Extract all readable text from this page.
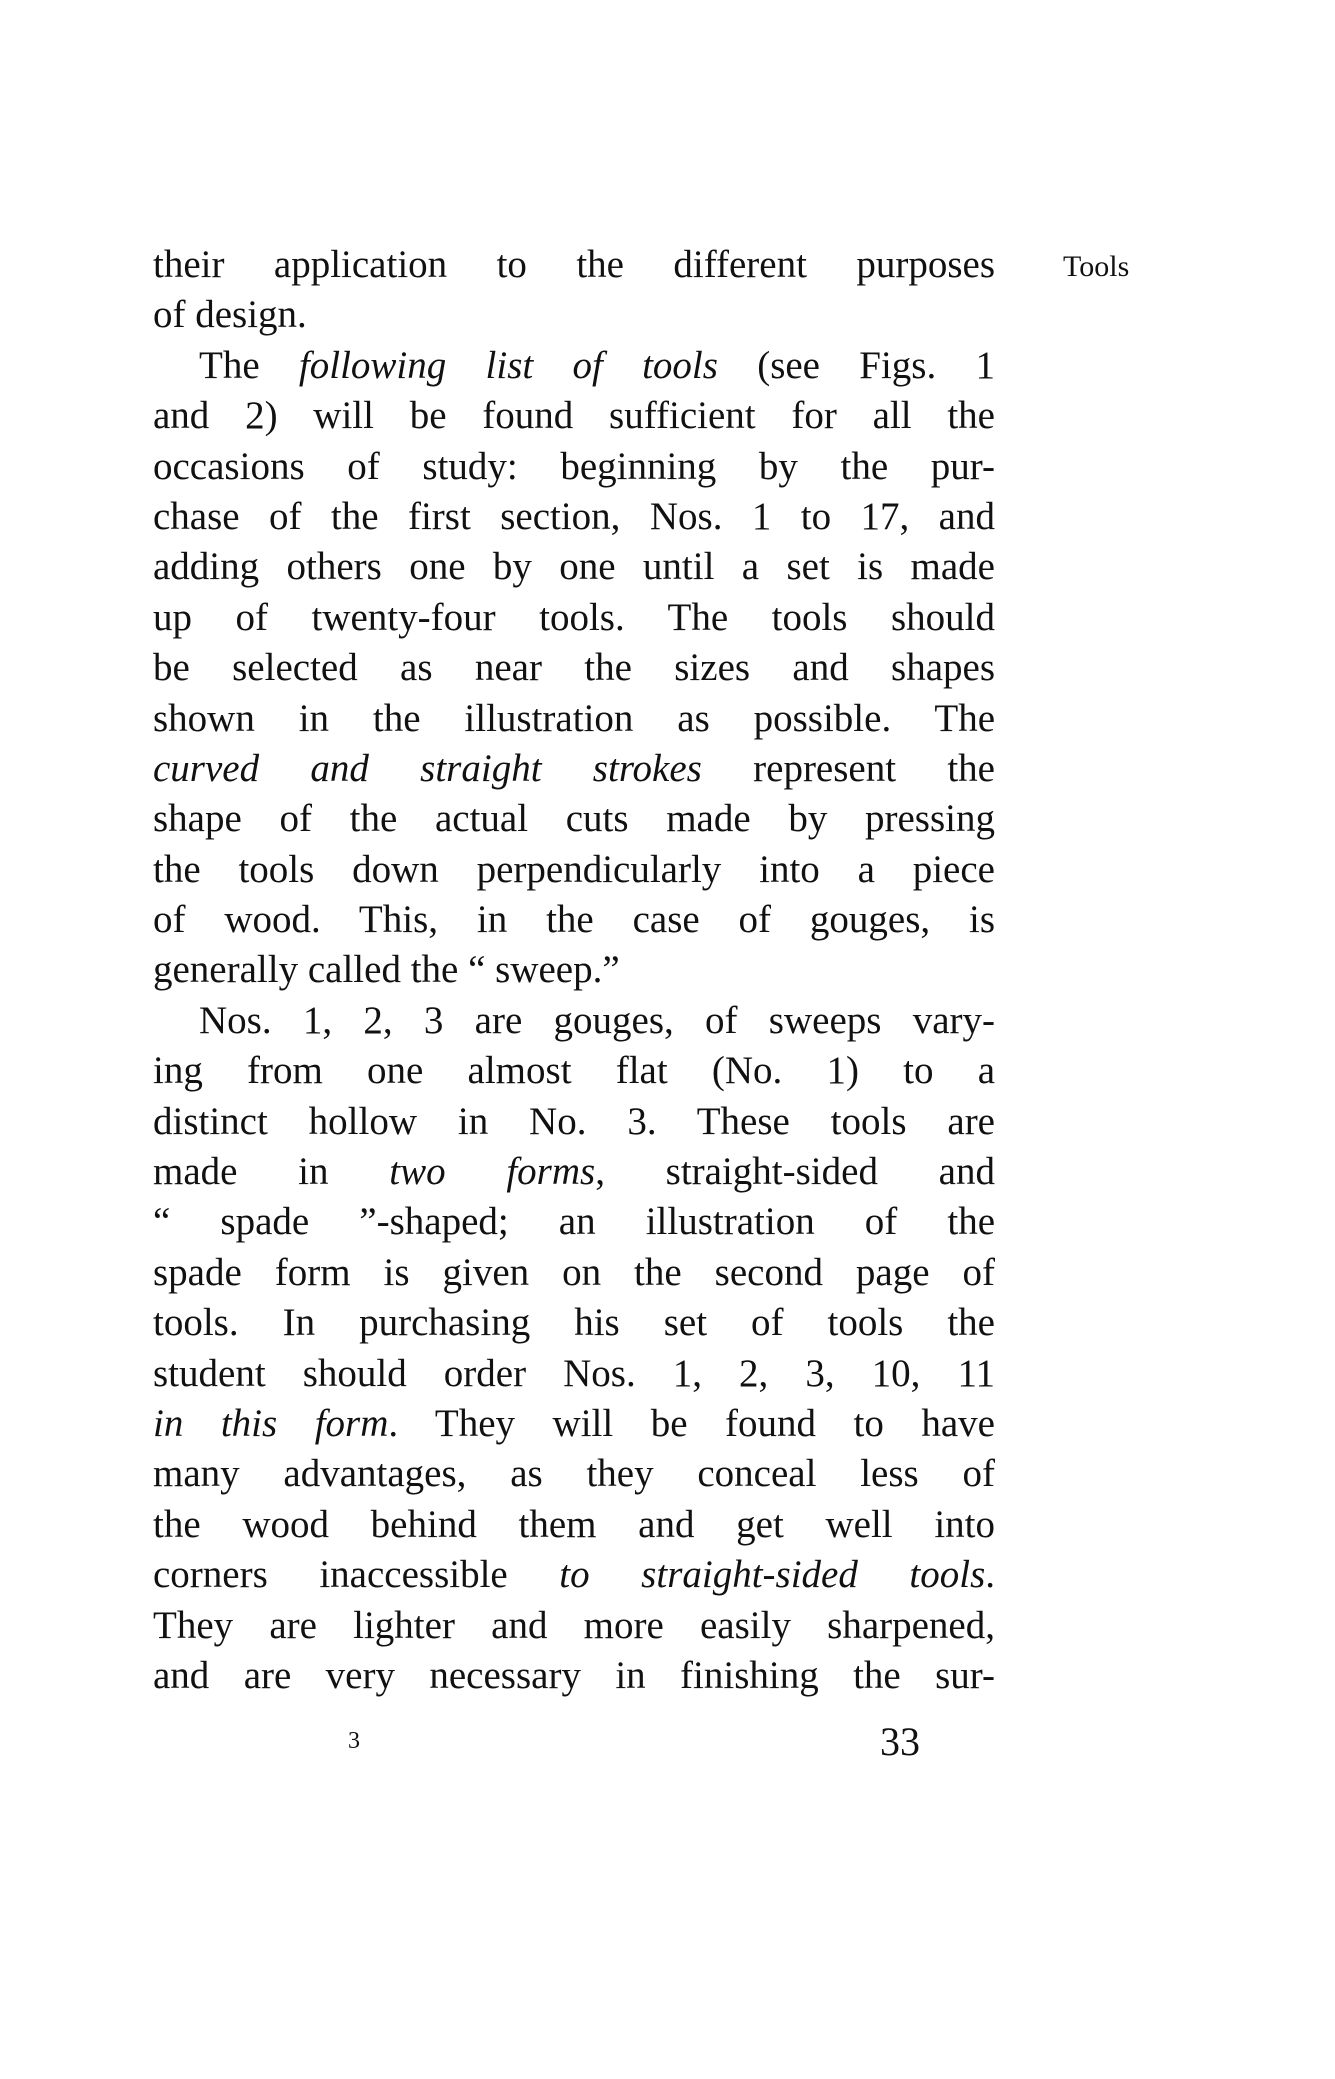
their application to the different purposes
of design.
The following list of tools (see Figs. 1
and 2) will be found sufficient for all the
occasions of study: beginning by the pur-
chase of the first section, Nos. 1 to 17, and
adding others one by one until a set is made
up of twenty-four tools. The tools should
be selected as near the sizes and shapes
shown in the illustration as possible. The
curved and straight strokes represent the
shape of the actual cuts made by pressing
the tools down perpendicularly into a piece
of wood. This, in the case of gouges, is
generally called the “ sweep.”
Nos. 1, 2, 3 are gouges, of sweeps vary-
ing from one almost flat (No. 1) to a
distinct hollow in No. 3. These tools are
made in two forms, straight-sided and
“ spade ”-shaped; an illustration of the
spade form is given on the second page of
tools. In purchasing his set of tools the
student should order Nos. 1, 2, 3, 10, 11
in this form. They will be found to have
many advantages, as they conceal less of
the wood behind them and get well into
corners inaccessible to straight-sided tools.
They are lighter and more easily sharpened,
and are very necessary in finishing the sur-
Tools
3	33
